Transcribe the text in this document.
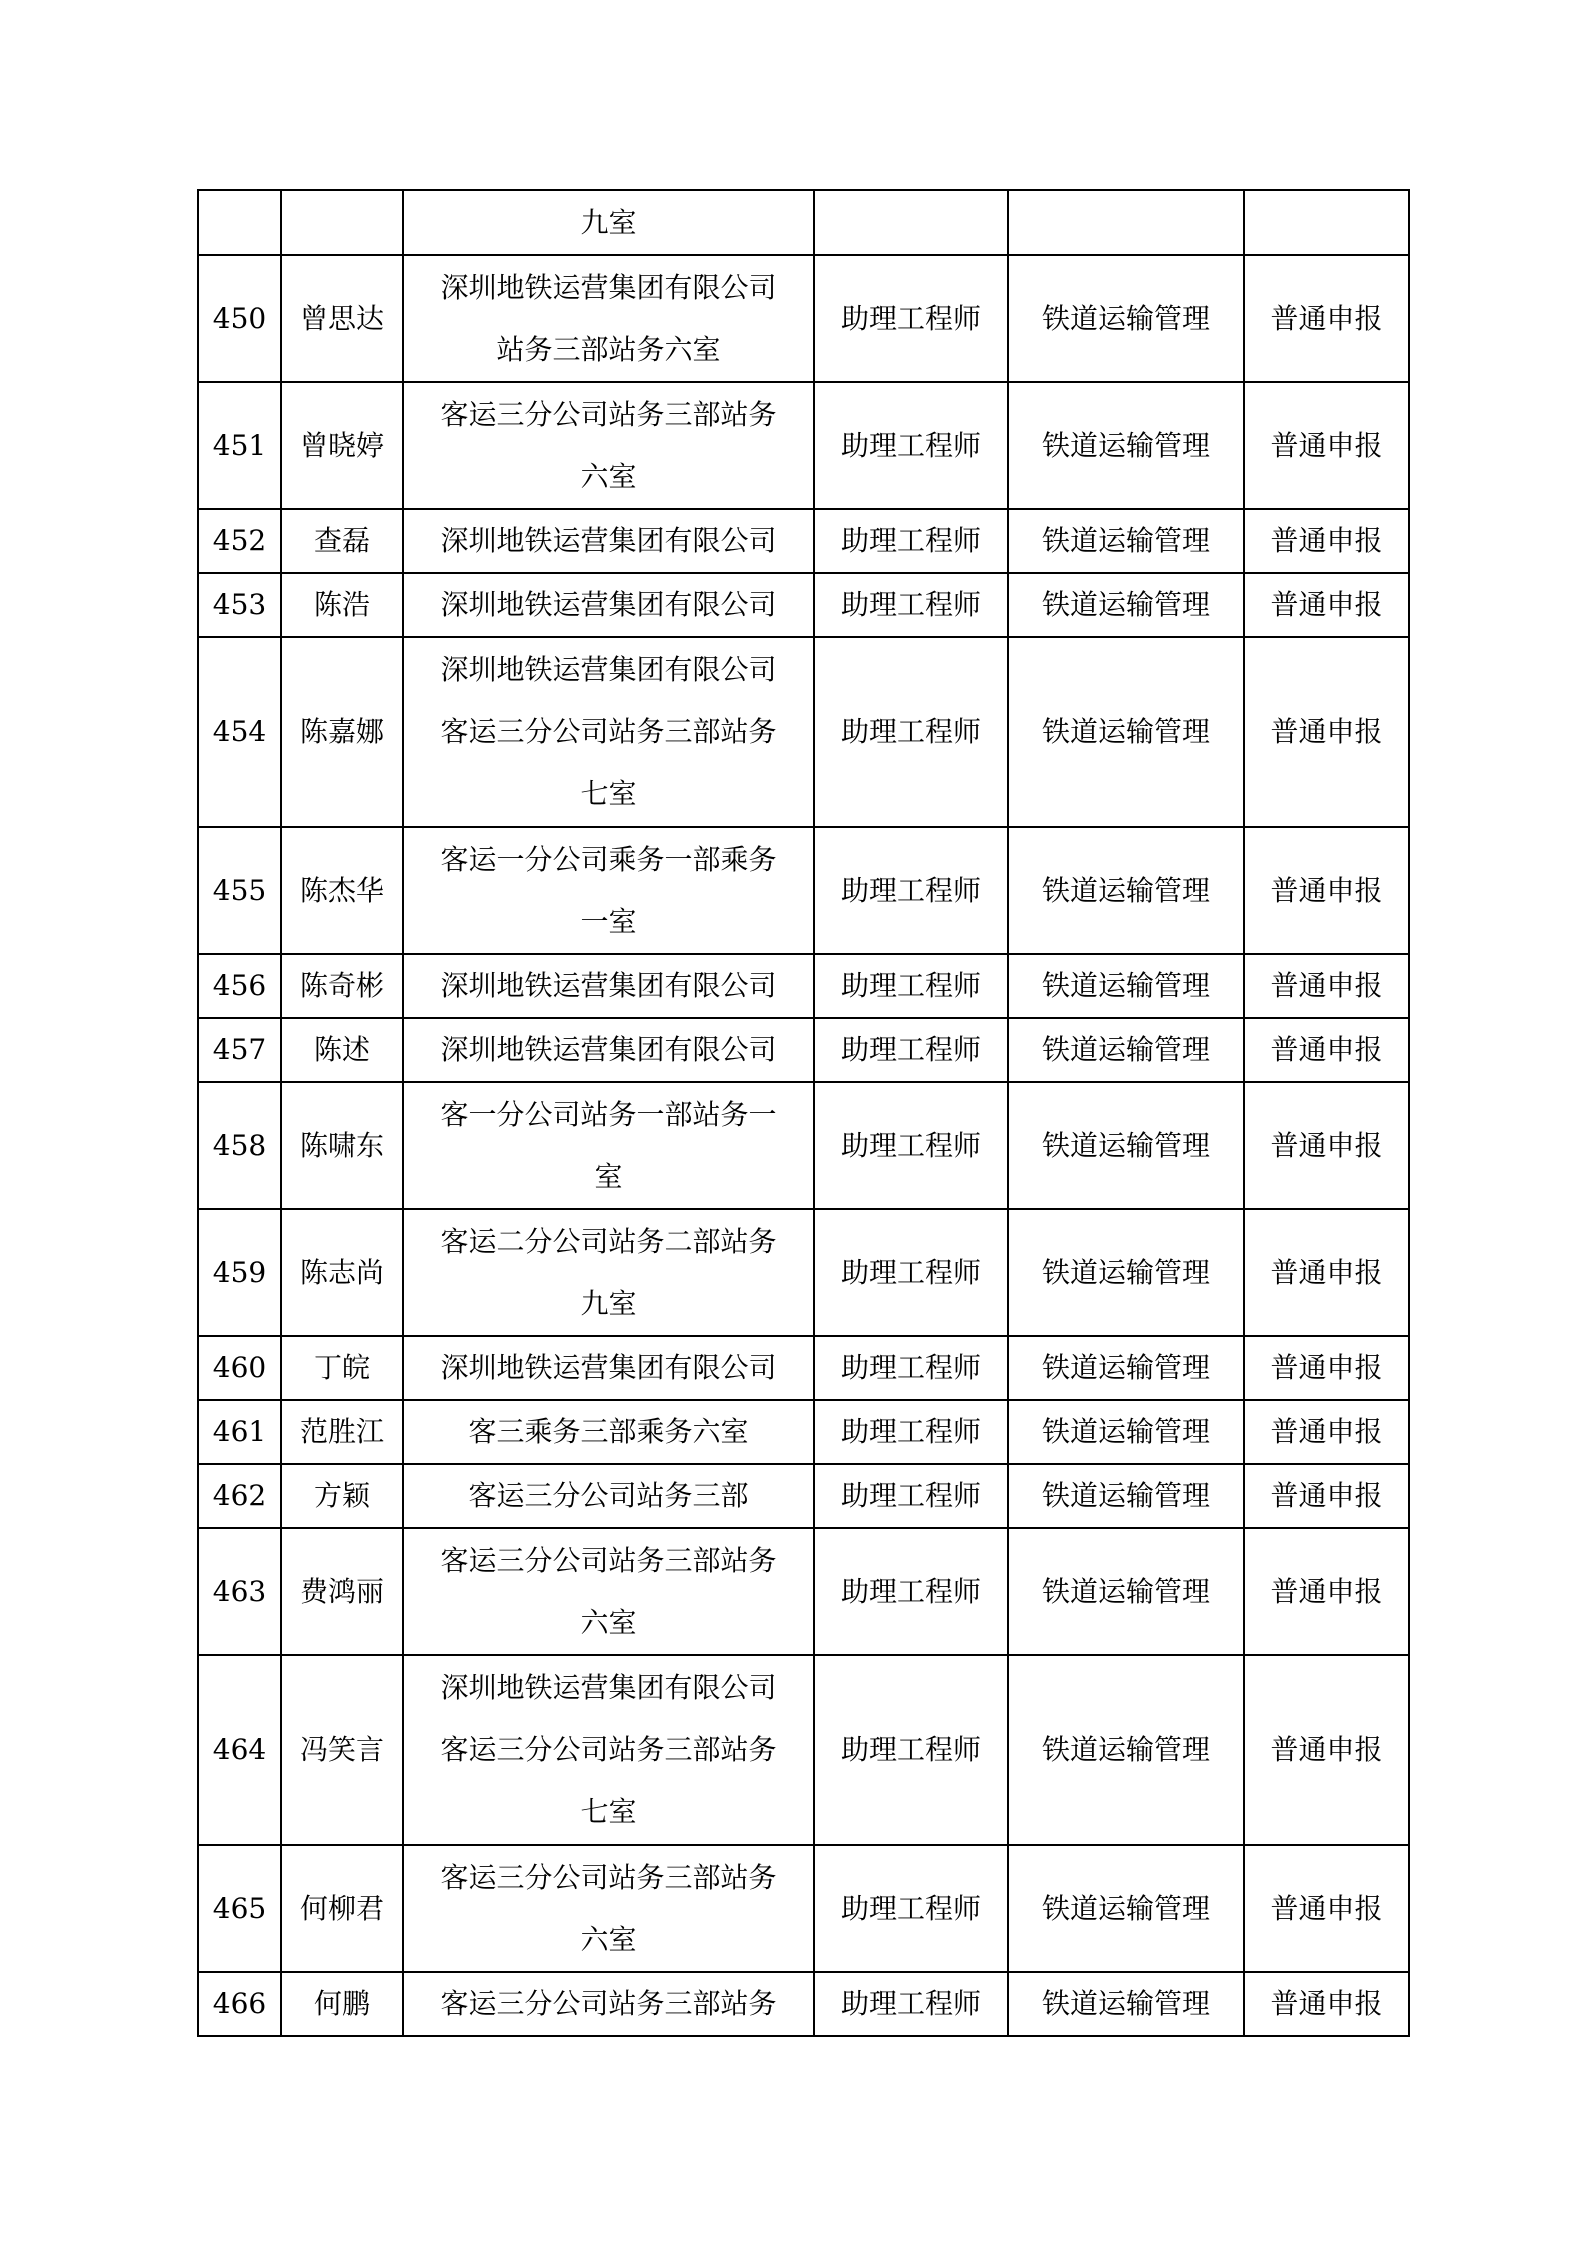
		九室			
450	曾思达	深圳地铁运营集团有限公司
站务三部站务六室	助理工程师	铁道运输管理	普通申报
451	曾晓婷	客运三分公司站务三部站务
六室	助理工程师	铁道运输管理	普通申报
452	查磊	深圳地铁运营集团有限公司	助理工程师	铁道运输管理	普通申报
453	陈浩	深圳地铁运营集团有限公司	助理工程师	铁道运输管理	普通申报
454	陈嘉娜	深圳地铁运营集团有限公司
客运三分公司站务三部站务
七室	助理工程师	铁道运输管理	普通申报
455	陈杰华	客运一分公司乘务一部乘务
一室	助理工程师	铁道运输管理	普通申报
456	陈奇彬	深圳地铁运营集团有限公司	助理工程师	铁道运输管理	普通申报
457	陈述	深圳地铁运营集团有限公司	助理工程师	铁道运输管理	普通申报
458	陈啸东	客一分公司站务一部站务一
室	助理工程师	铁道运输管理	普通申报
459	陈志尚	客运二分公司站务二部站务
九室	助理工程师	铁道运输管理	普通申报
460	丁皖	深圳地铁运营集团有限公司	助理工程师	铁道运输管理	普通申报
461	范胜江	客三乘务三部乘务六室	助理工程师	铁道运输管理	普通申报
462	方颖	客运三分公司站务三部	助理工程师	铁道运输管理	普通申报
463	费鸿丽	客运三分公司站务三部站务
六室	助理工程师	铁道运输管理	普通申报
464	冯笑言	深圳地铁运营集团有限公司
客运三分公司站务三部站务
七室	助理工程师	铁道运输管理	普通申报
465	何柳君	客运三分公司站务三部站务
六室	助理工程师	铁道运输管理	普通申报
466	何鹏	客运三分公司站务三部站务	助理工程师	铁道运输管理	普通申报
